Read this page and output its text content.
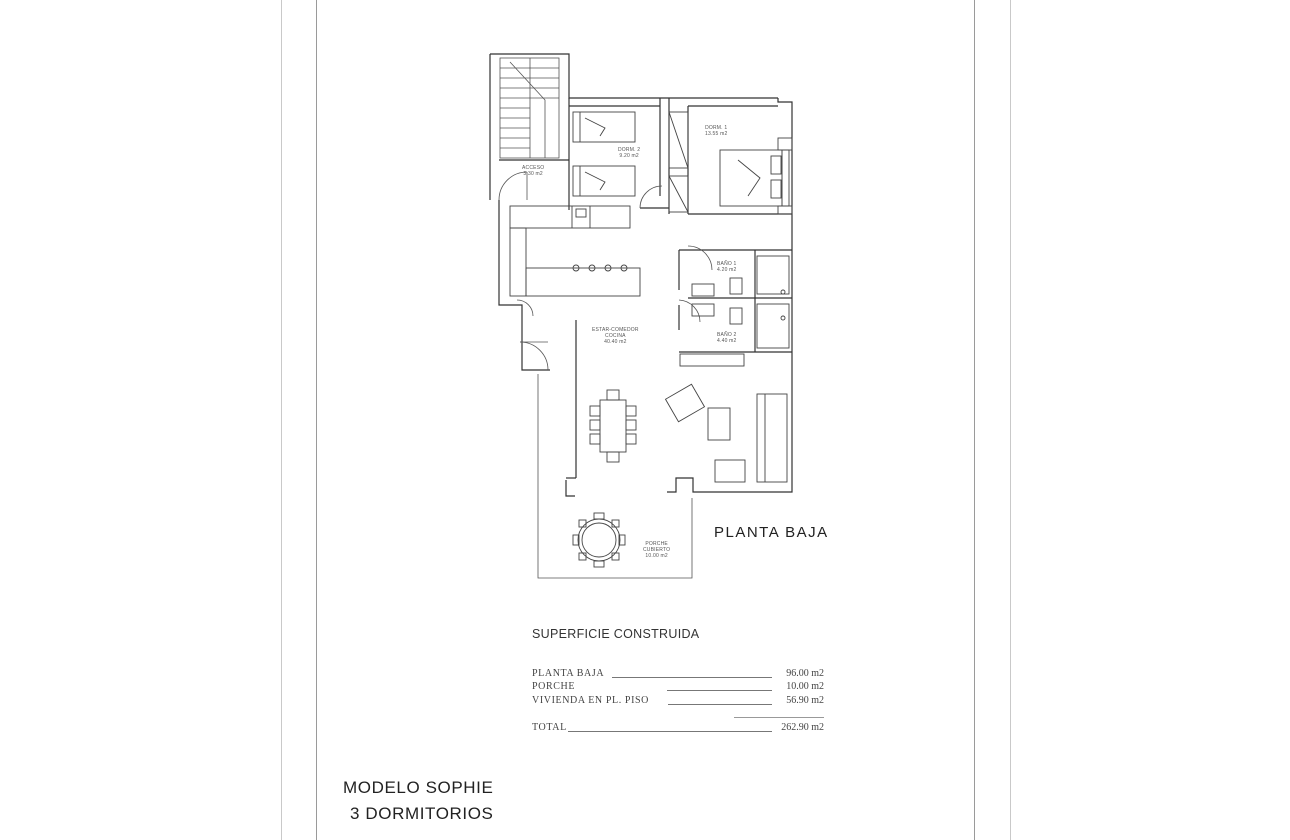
ACCESO
3.30 m2
DORM. 2
9.20 m2
DORM. 1
13.55 m2
BAÑO 1
4.20 m2
BAÑO 2
4.40 m2
ESTAR-COMEDOR
COCINA
40.40 m2
PORCHE
CUBIERTO
10.00 m2
PLANTA BAJA
SUPERFICIE CONSTRUIDA
PLANTA BAJA	96.00 m2
PORCHE	10.00 m2
VIVIENDA EN PL. PISO	56.90 m2
TOTAL	262.90 m2
MODELO SOPHIE
3 DORMITORIOS
